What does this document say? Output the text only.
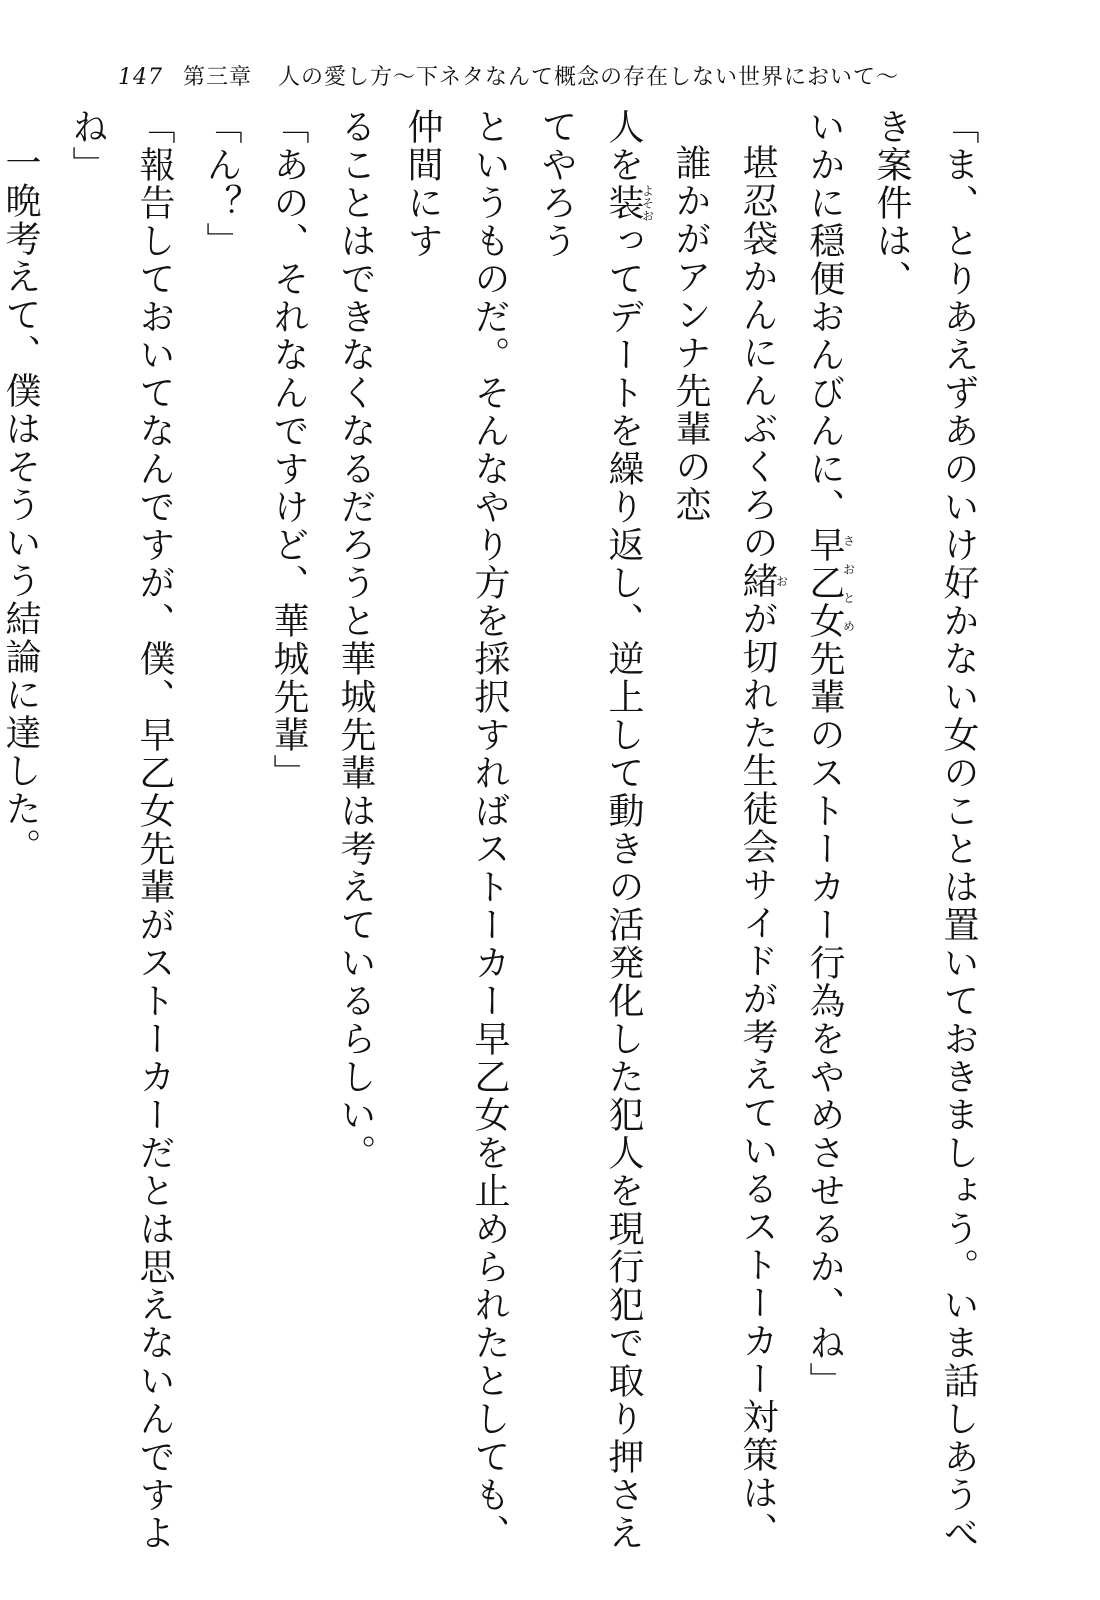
147 第三章 人の愛し方〜下ネタなんて概念の存在しない世界において〜

「ま、とりあえずあのいけ好かない女のことは置いておきましょう。いま話しあうべき案件は、

いかに穏便おんびんに、早乙女さおとめ先輩のストーカー行為をやめさせるか、ね」

堪忍袋かんにんぶくろの緒おが切れた生徒会サイドが考えているストーカー対策は、誰かがアンナ先輩の恋

人を装よそおってデートを繰り返し、逆上して動きの活発化した犯人を現行犯で取り押さえてやろう

というものだ。そんなやり方を採択すればストーカー早乙女を止められたとしても、仲間にす

ることはできなくなるだろうと華城先輩は考えているらしい。

「あの、それなんですけど、華城先輩」

「ん？」

「報告しておいてなんですが、僕、早乙女先輩がストーカーだとは思えないんですよね」

一晩考えて、僕はそういう結論に達した。
